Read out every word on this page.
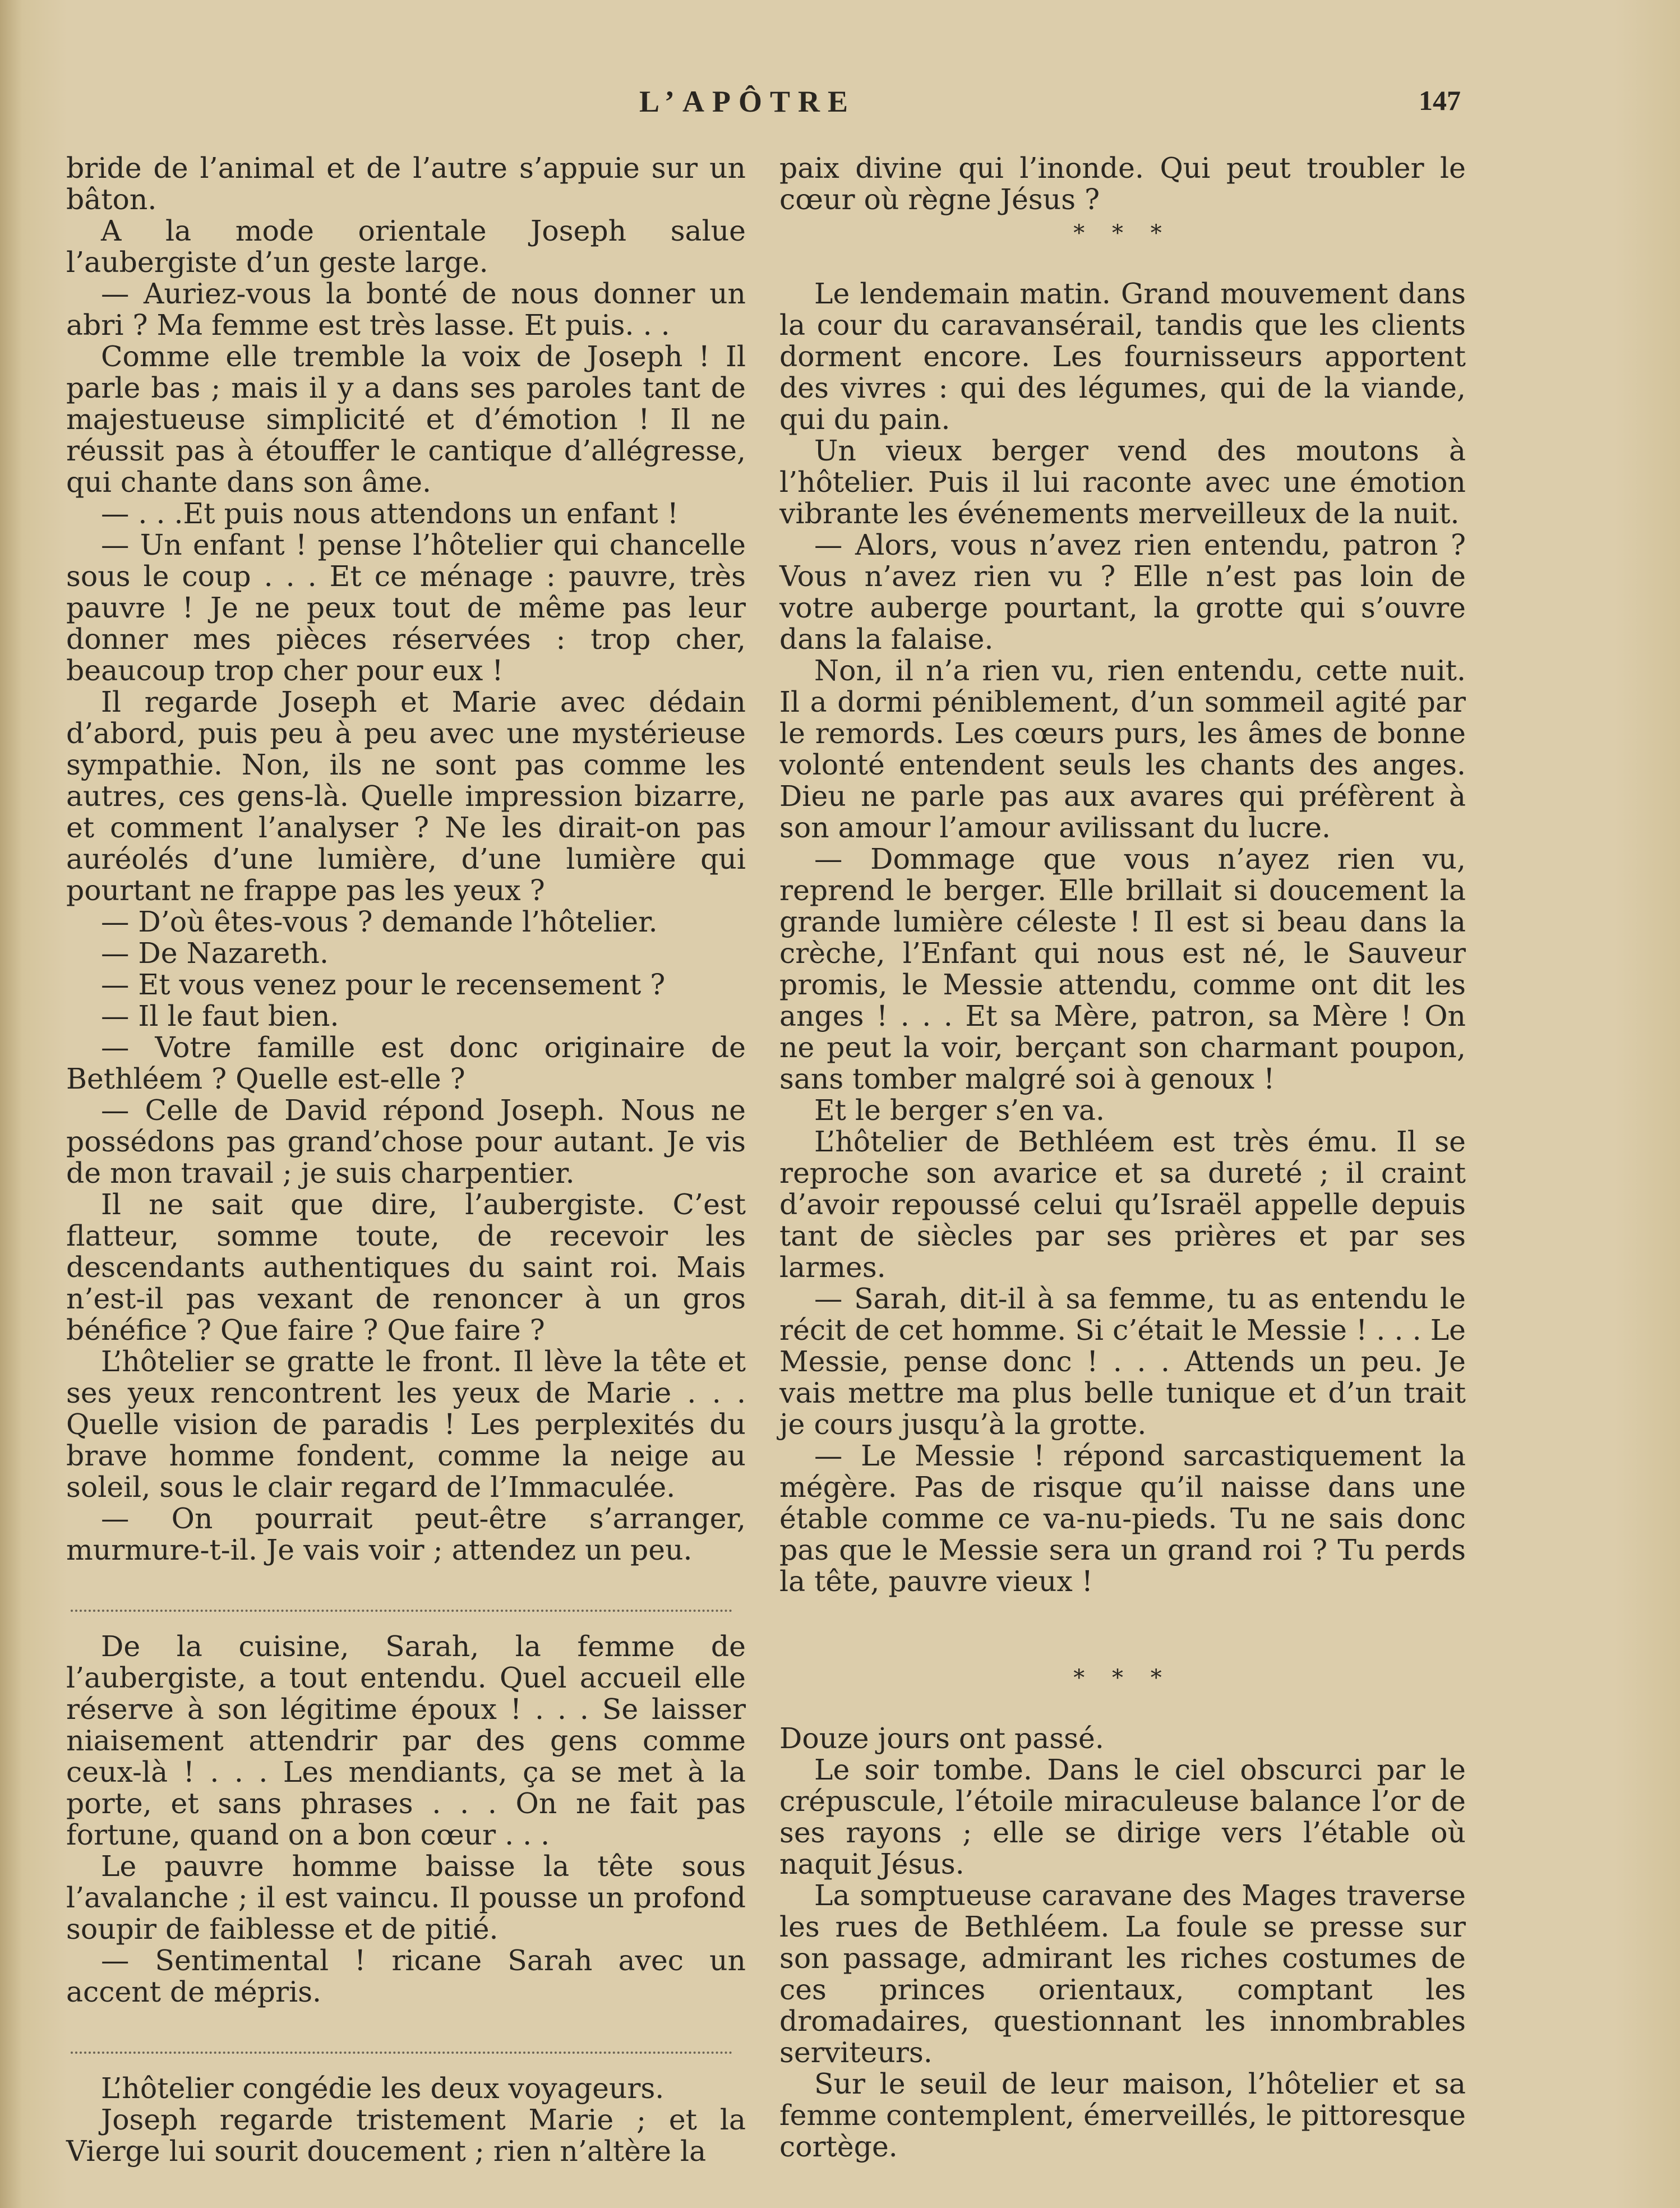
L’APÔTRE	147

bride de l’animal et de l’autre s’appuie sur un bâton.

A la mode orientale Joseph salue l’aubergiste d’un geste large.

— Auriez-vous la bonté de nous donner un abri ? Ma femme est très lasse. Et puis. . .

Comme elle tremble la voix de Joseph ! Il parle bas ; mais il y a dans ses paroles tant de majestueuse simplicité et d’émotion ! Il ne réussit pas à étouffer le cantique d’allégresse, qui chante dans son âme.

— . . .Et puis nous attendons un enfant !

— Un enfant ! pense l’hôtelier qui chancelle sous le coup . . . Et ce ménage : pauvre, très pauvre ! Je ne peux tout de même pas leur donner mes pièces réservées : trop cher, beaucoup trop cher pour eux !

Il regarde Joseph et Marie avec dédain d’abord, puis peu à peu avec une mystérieuse sympathie. Non, ils ne sont pas comme les autres, ces gens-là. Quelle impression bizarre, et comment l’analyser ? Ne les dirait-on pas auréolés d’une lumière, d’une lumière qui pourtant ne frappe pas les yeux ?

— D’où êtes-vous ? demande l’hôtelier.

— De Nazareth.

— Et vous venez pour le recensement ?

— Il le faut bien.

— Votre famille est donc originaire de Bethléem ? Quelle est-elle ?

— Celle de David répond Joseph. Nous ne possédons pas grand’chose pour autant. Je vis de mon travail ; je suis charpentier.

Il ne sait que dire, l’aubergiste. C’est flatteur, somme toute, de recevoir les descendants authentiques du saint roi. Mais n’est-il pas vexant de renoncer à un gros bénéfice ? Que faire ? Que faire ?

L’hôtelier se gratte le front. Il lève la tête et ses yeux rencontrent les yeux de Marie . . . Quelle vision de paradis ! Les perplexités du brave homme fondent, comme la neige au soleil, sous le clair regard de l’Immaculée.

— On pourrait peut-être s’arranger, murmure-t-il. Je vais voir ; attendez un peu.

De la cuisine, Sarah, la femme de l’aubergiste, a tout entendu. Quel accueil elle réserve à son légitime époux ! . . . Se laisser niaisement attendrir par des gens comme ceux-là ! . . . Les mendiants, ça se met à la porte, et sans phrases . . . On ne fait pas fortune, quand on a bon cœur . . .

Le pauvre homme baisse la tête sous l’avalanche ; il est vaincu. Il pousse un profond soupir de faiblesse et de pitié.

— Sentimental ! ricane Sarah avec un accent de mépris.

L’hôtelier congédie les deux voyageurs.

Joseph regarde tristement Marie ; et la Vierge lui sourit doucement ; rien n’altère la

paix divine qui l’inonde. Qui peut troubler le cœur où règne Jésus ?

* * *

Le lendemain matin. Grand mouvement dans la cour du caravansérail, tandis que les clients dorment encore. Les fournisseurs apportent des vivres : qui des légumes, qui de la viande, qui du pain.

Un vieux berger vend des moutons à l’hôtelier. Puis il lui raconte avec une émotion vibrante les événements merveilleux de la nuit.

— Alors, vous n’avez rien entendu, patron ? Vous n’avez rien vu ? Elle n’est pas loin de votre auberge pourtant, la grotte qui s’ouvre dans la falaise.

Non, il n’a rien vu, rien entendu, cette nuit. Il a dormi péniblement, d’un sommeil agité par le remords. Les cœurs purs, les âmes de bonne volonté entendent seuls les chants des anges. Dieu ne parle pas aux avares qui préfèrent à son amour l’amour avilissant du lucre.

— Dommage que vous n’ayez rien vu, reprend le berger. Elle brillait si doucement la grande lumière céleste ! Il est si beau dans la crèche, l’Enfant qui nous est né, le Sauveur promis, le Messie attendu, comme ont dit les anges ! . . . Et sa Mère, patron, sa Mère ! On ne peut la voir, berçant son charmant poupon, sans tomber malgré soi à genoux !

Et le berger s’en va.

L’hôtelier de Bethléem est très ému. Il se reproche son avarice et sa dureté ; il craint d’avoir repoussé celui qu’Israël appelle depuis tant de siècles par ses prières et par ses larmes.

— Sarah, dit-il à sa femme, tu as entendu le récit de cet homme. Si c’était le Messie ! . . . Le Messie, pense donc ! . . . Attends un peu. Je vais mettre ma plus belle tunique et d’un trait je cours jusqu’à la grotte.

— Le Messie ! répond sarcastiquement la mégère. Pas de risque qu’il naisse dans une étable comme ce va-nu-pieds. Tu ne sais donc pas que le Messie sera un grand roi ? Tu perds la tête, pauvre vieux !

* * *

Douze jours ont passé.

Le soir tombe. Dans le ciel obscurci par le crépuscule, l’étoile miraculeuse balance l’or de ses rayons ; elle se dirige vers l’étable où naquit Jésus.

La somptueuse caravane des Mages traverse les rues de Bethléem. La foule se presse sur son passage, admirant les riches costumes de ces princes orientaux, comptant les dromadaires, questionnant les innombrables serviteurs.

Sur le seuil de leur maison, l’hôtelier et sa femme contemplent, émerveillés, le pittoresque cortège.
